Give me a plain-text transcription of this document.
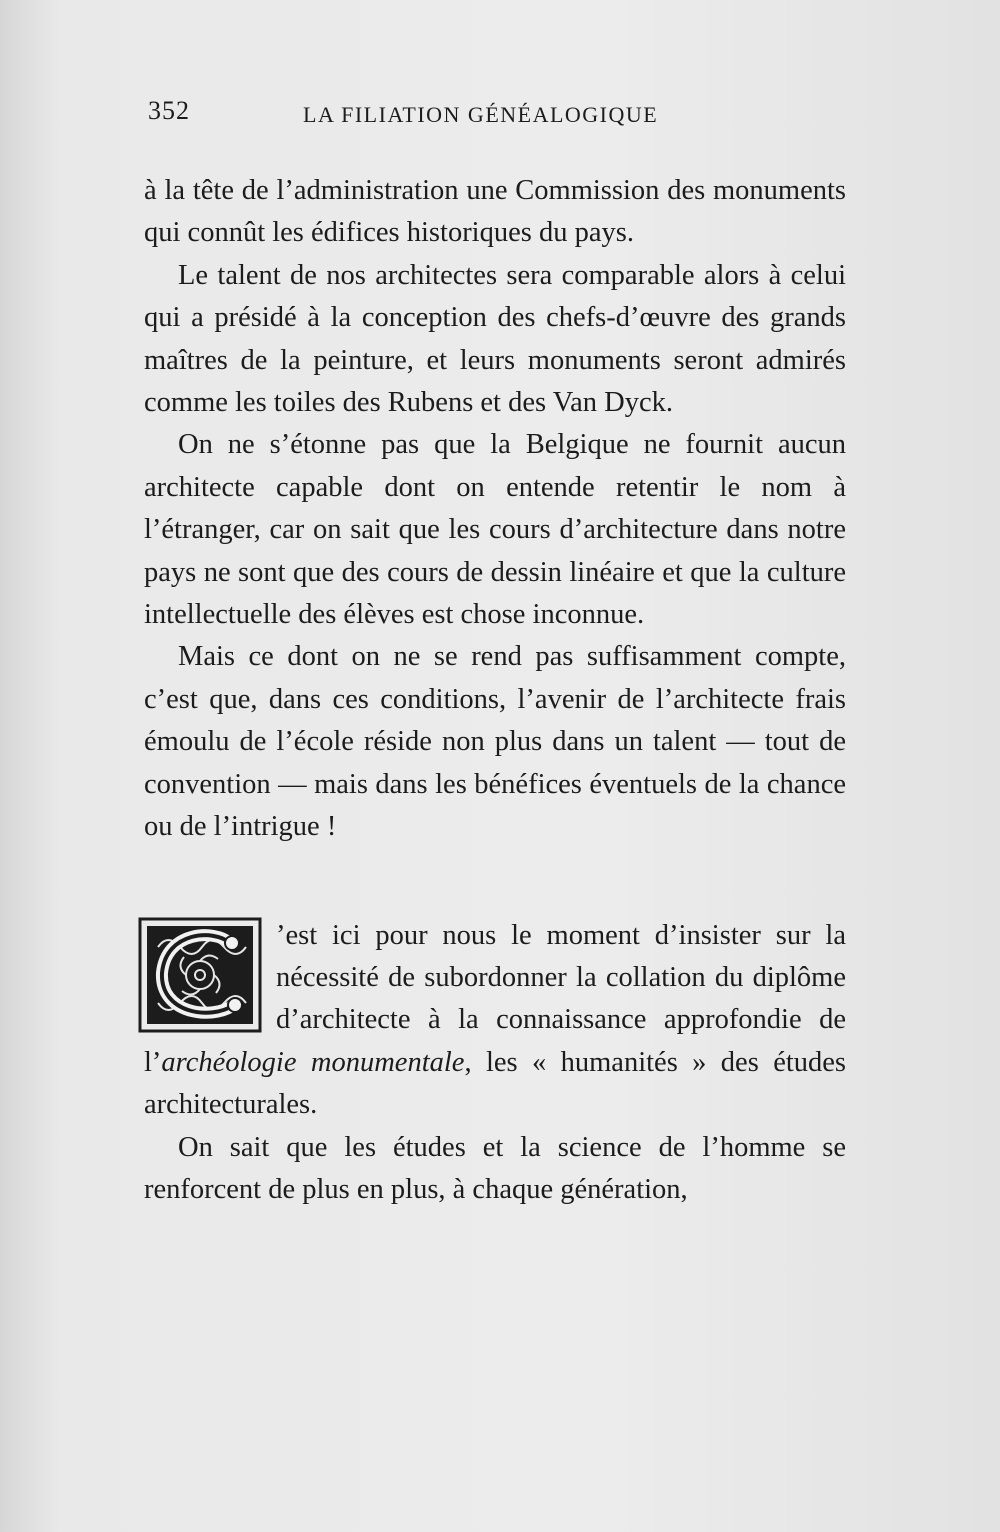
352	LA FILIATION GÉNÉALOGIQUE

à la tête de l’administration une Commission des monuments qui connût les édifices historiques du pays.

Le talent de nos architectes sera comparable alors à celui qui a présidé à la conception des chefs-d’œuvre des grands maîtres de la peinture, et leurs monuments seront admirés comme les toiles des Rubens et des Van Dyck.

On ne s’étonne pas que la Belgique ne fournit aucun architecte capable dont on entende retentir le nom à l’étranger, car on sait que les cours d’architecture dans notre pays ne sont que des cours de dessin linéaire et que la culture intellectuelle des élèves est chose inconnue.

Mais ce dont on ne se rend pas suffisamment compte, c’est que, dans ces conditions, l’avenir de l’architecte frais émoulu de l’école réside non plus dans un talent — tout de convention — mais dans les bénéfices éventuels de la chance ou de l’intrigue !

’est ici pour nous le moment d’insister sur la nécessité de subordonner la collation du diplôme d’architecte à la connaissance approfondie de l’archéologie monumentale, les « humanités » des études architecturales.

On sait que les études et la science de l’homme se renforcent de plus en plus, à chaque génération,
